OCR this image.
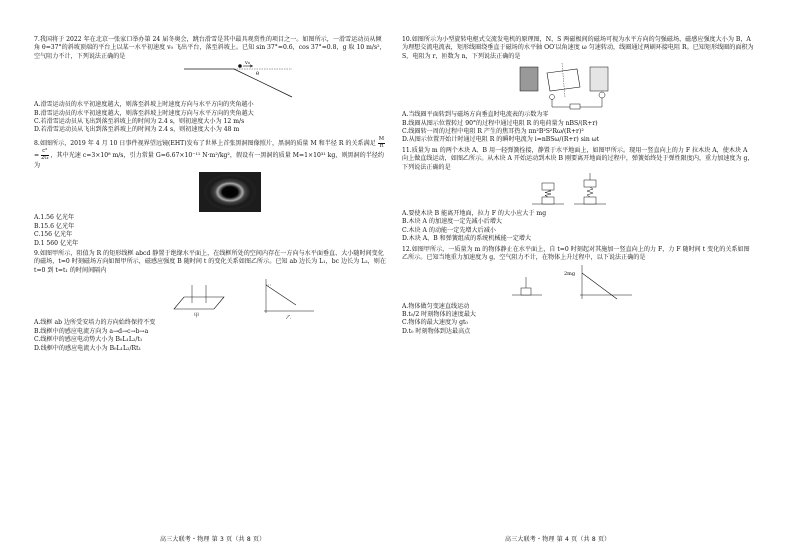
7.我国将于 2022 年在北京一张家口举办第 24 届冬奥会，跳台滑雪是其中最具观赏性的项目之一。如图所示，一滑雪运动员从倾角 θ=37°的斜坡顶端的平台上以某一水平初速度 v₀ 飞出平台，落至斜坡上。已知 sin 37°=0.6，cos 37°=0.8，g 取 10 m/s²，空气阻力不计，下列说法正确的是

v₀
θ

A.滑雪运动员的水平初速度越大，则落至斜坡上时速度方向与水平方向的夹角越小

B.滑雪运动员的水平初速度越大，则落至斜坡上时速度方向与水平方向的夹角越大

C.若滑雪运动员从飞出到落至斜坡上的时间为 2.4 s，则初速度大小为 12 m/s

D.若滑雪运动员从飞出到落至斜坡上的时间为 2.4 s，则初速度大小为 48 m

8.如图所示，2019 年 4 月 10 日事件视界望远镜(EHT)发布了世界上首张黑洞图像照片，黑洞的质量 M 和半径 R 的关系满足 $\frac{M}{R}$
= $\frac{\text{c²}}{2G}$ ，其中光速 c=3×10⁸ m/s，引力常量 G=6.67×10⁻¹¹ N·m²/kg²，假设有一黑洞的质量 M=1×10³¹ kg，则黑洞的半径约为

A.1.56 亿光年

B.15.6 亿光年

C.156 亿光年

D.1 560 亿光年

9.如图甲所示，阻值为 R 的矩形线框 abcd 静置于绝缘水平面上，在线框所处的空间内存在一方向与水平面垂直、大小随时间变化的磁场，t=0 时刻磁场方向如图甲所示，磁感应强度 B 随时间 t 的变化关系如图乙所示。已知 ab 边长为 L₁，bc 边长为 L₂，则在 t=0 到 t=t₁ 的时间间隔内

甲	乙

A.线框 ab 边所受安培力的方向始终保持不变

B.线框中的感应电流方向为 a→d→c→b→a

C.线框中的感应电动势大小为 B₀L₁L₂/t₁

D.线框中的感应电流大小为 B₀L₁L₂/Rt₁

10.如图所示为小型旋转电枢式交流发电机的原理图，N、S 两磁极间的磁场可视为水平方向的匀强磁场，磁感应强度大小为 B，A 为理想交流电流表，矩形线圈绕垂直于磁场的水平轴 OO′以角速度 ω 匀速转动，线圈通过两刷环接电阻 R。已知矩形线圈的面积为 S，电阻为 r，匝数为 n，下列说法正确的是

A.当线圈平面转到与磁场方向垂直时电流表的示数为零

B.线圈从图示位置转过 90°的过程中通过电阻 R 的电荷量为 nBS/(R+r)

C.线圈转一周的过程中电阻 R 产生的焦耳热为 πn²B²S²Rω/(R+r)²

D.从图示位置开始计时通过电阻 R 的瞬时电流为 i=nBSω/(R+r) sin ωt

11.质量为 m 的两个木块 A、B 用一轻弹簧拴接，静置于水平地面上，如图甲所示。现用一竖直向上的力 F 拉木块 A，使木块 A 向上做直线运动，如图乙所示。从木块 A 开始运动到木块 B 刚要离开地面的过程中，弹簧始终处于弹性限度内，重力加速度为 g，下列说法正确的是

A.要使木块 B 能离开地面，拉力 F 的大小应大于 mg

B.木块 A 的加速度一定先减小后增大

C.木块 A 的动能一定先增大后减小

D.木块 A、B 和弹簧组成的系统机械能一定增大

12.如图甲所示，一质量为 m 的物体静止在水平面上，自 t=0 时刻起对其施加一竖直向上的力 F，力 F 随时间 t 变化的关系如图乙所示。已知当地重力加速度为 g，空气阻力不计，在物体上升过程中，以下说法正确的是

2mg

A.物体做匀变速直线运动

B.t₀/2 时刻物体的速度最大

C.物体的最大速度为 gt₀

D.t₀ 时刻物体到达最高点

高三大联考・物理 第 3 页（共 8 页）	高三大联考・物理 第 4 页（共 8 页）
